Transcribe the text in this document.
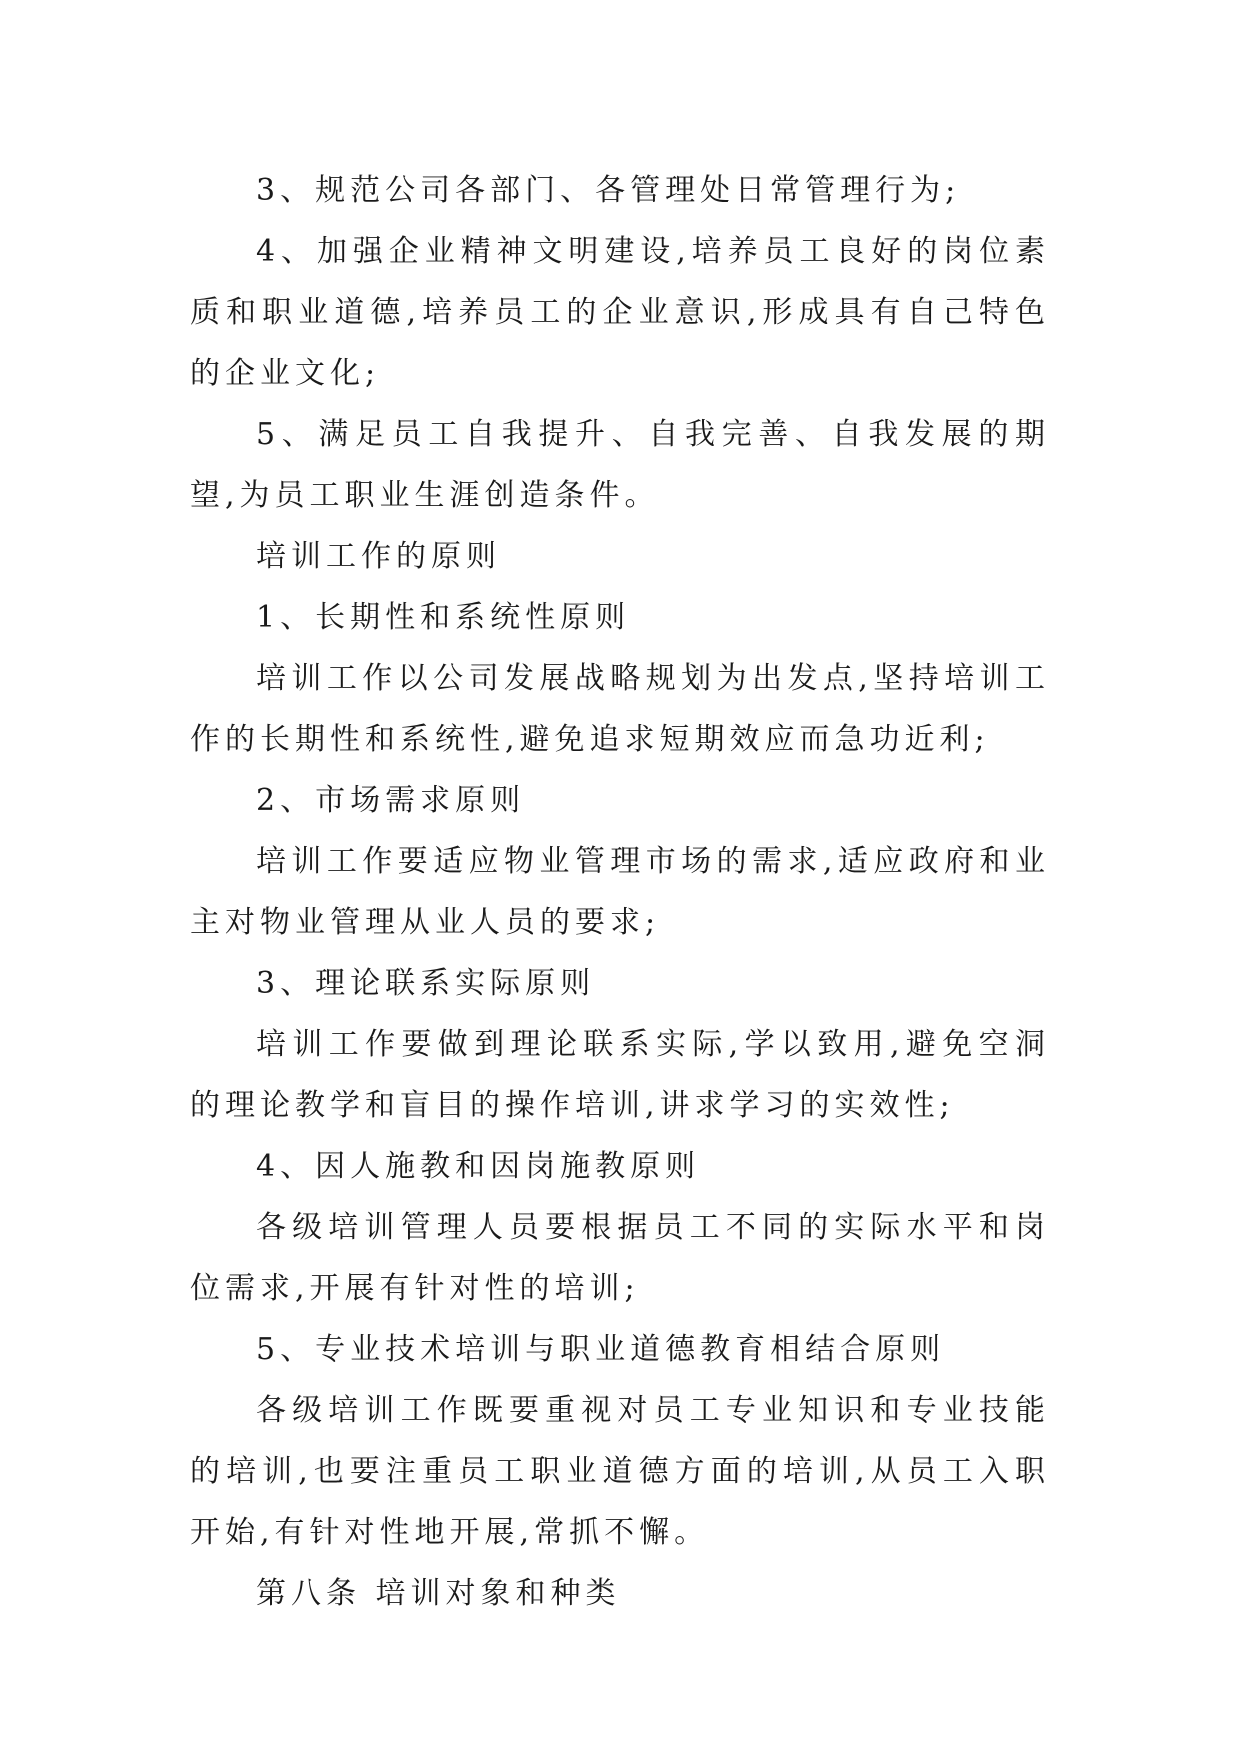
3、规范公司各部门、各管理处日常管理行为;

4、加强企业精神文明建设,培养员工良好的岗位素质和职业道德,培养员工的企业意识,形成具有自己特色的企业文化;

5、满足员工自我提升、自我完善、自我发展的期望,为员工职业生涯创造条件。

培训工作的原则

1、长期性和系统性原则

培训工作以公司发展战略规划为出发点,坚持培训工作的长期性和系统性,避免追求短期效应而急功近利;

2、市场需求原则

培训工作要适应物业管理市场的需求,适应政府和业主对物业管理从业人员的要求;

3、理论联系实际原则

培训工作要做到理论联系实际,学以致用,避免空洞的理论教学和盲目的操作培训,讲求学习的实效性;

4、因人施教和因岗施教原则

各级培训管理人员要根据员工不同的实际水平和岗位需求,开展有针对性的培训;

5、专业技术培训与职业道德教育相结合原则

各级培训工作既要重视对员工专业知识和专业技能的培训,也要注重员工职业道德方面的培训,从员工入职开始,有针对性地开展,常抓不懈。

第八条 培训对象和种类
